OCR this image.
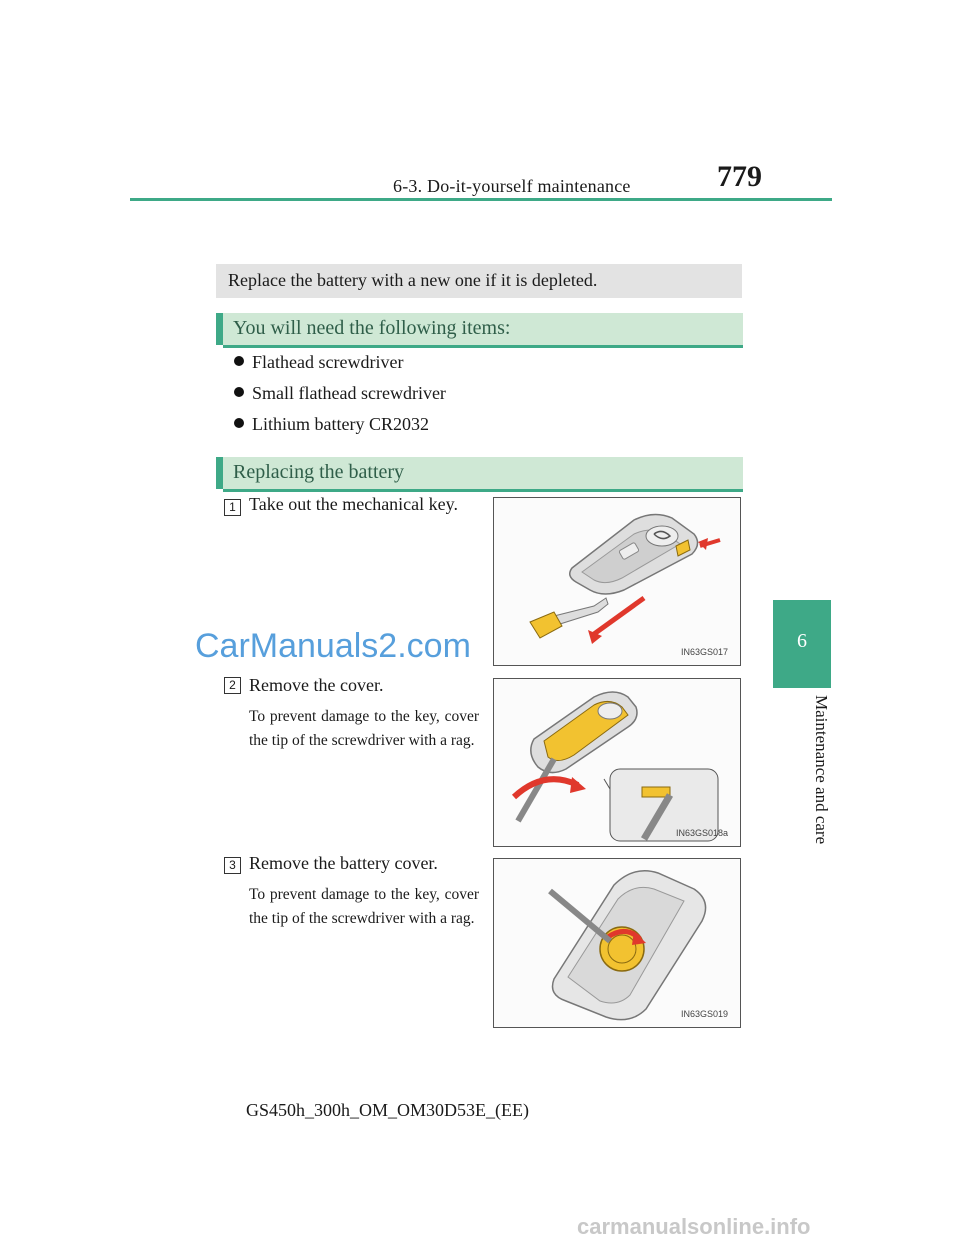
6-3. Do-it-yourself maintenance	779
6
Maintenance and care
Replace the battery with a new one if it is depleted.
You will need the following items:
Flathead screwdriver
Small flathead screwdriver
Lithium battery CR2032
Replacing the battery
1 Take out the mechanical key.
IN63GS017
CarManuals2.com
2 Remove the cover.
To prevent damage to the key, cover the tip of the screwdriver with a rag.
IN63GS018a
3 Remove the battery cover.
To prevent damage to the key, cover the tip of the screwdriver with a rag.
IN63GS019
GS450h_300h_OM_OM30D53E_(EE)
carmanualsonline.info
